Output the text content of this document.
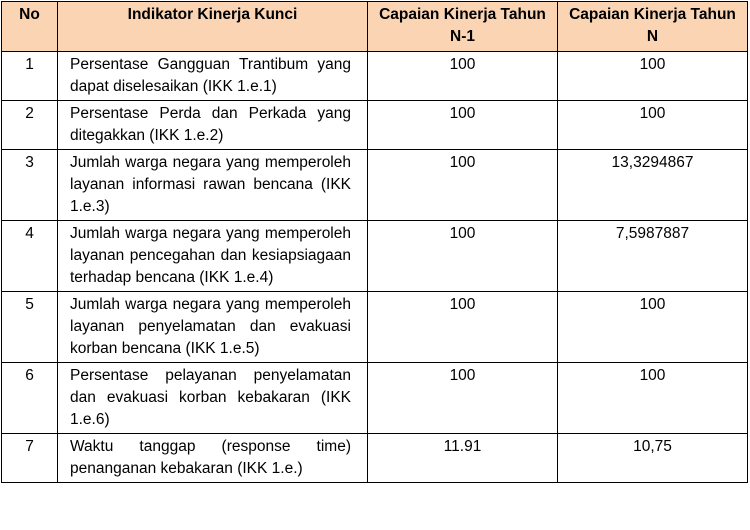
No	Indikator Kinerja Kunci	Capaian Kinerja Tahun N-1	Capaian Kinerja Tahun N
1	Persentase Gangguan Trantibum yang dapat diselesaikan (IKK 1.e.1)	100	100
2	Persentase Perda dan Perkada yang ditegakkan (IKK 1.e.2)	100	100
3	Jumlah warga negara yang memperoleh layanan informasi rawan bencana (IKK 1.e.3)	100	13,3294867
4	Jumlah warga negara yang memperoleh layanan pencegahan dan kesiapsiagaan terhadap bencana (IKK 1.e.4)	100	7,5987887
5	Jumlah warga negara yang memperoleh layanan penyelamatan dan evakuasi korban bencana (IKK 1.e.5)	100	100
6	Persentase pelayanan penyelamatan dan evakuasi korban kebakaran (IKK 1.e.6)	100	100
7	Waktu tanggap (response time) penanganan kebakaran (IKK 1.e.)	11.91	10,75
